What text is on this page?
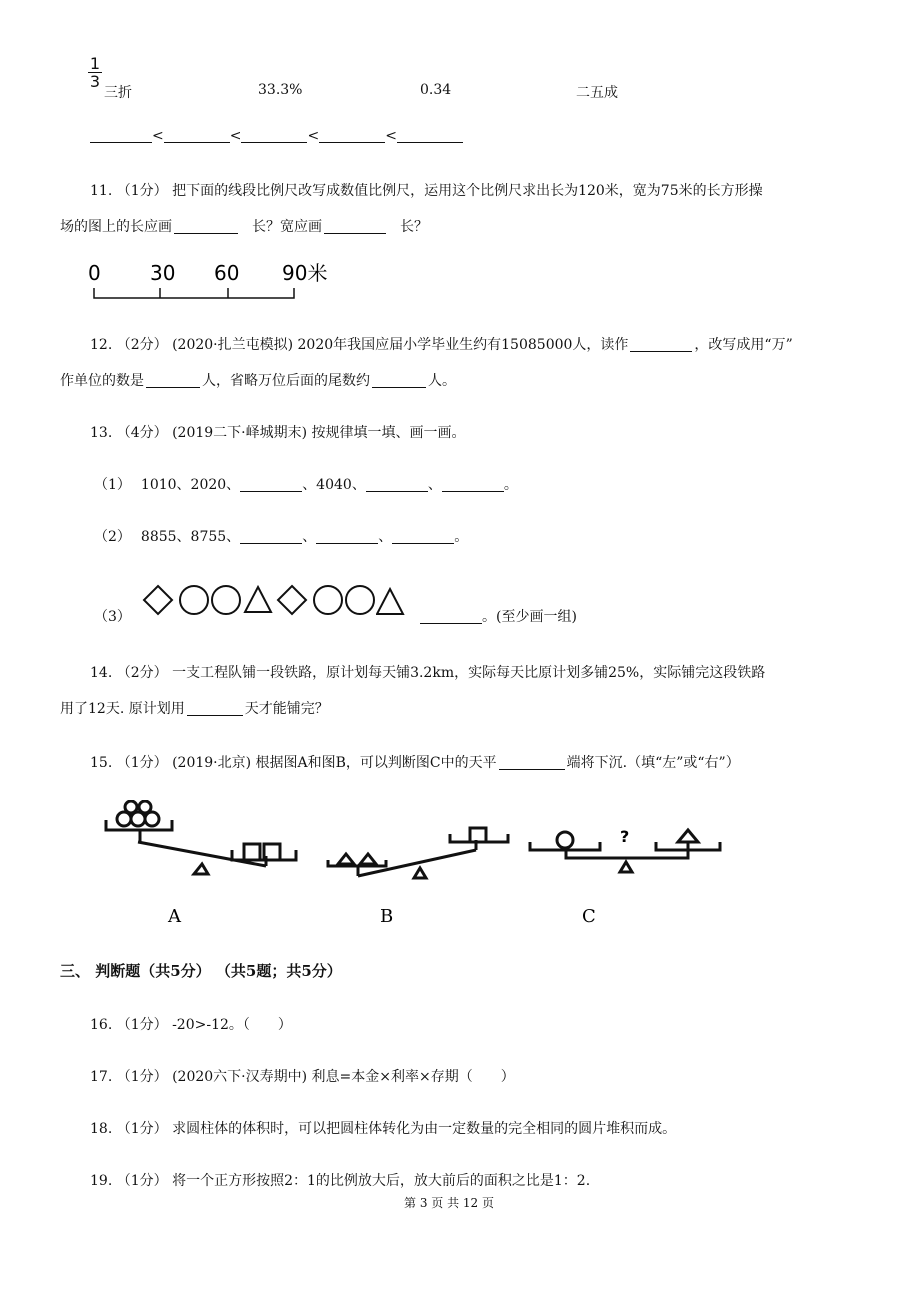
1
3
三折	33.3%	0.34	二五成
<	<	<	<
11. （1分） 把下面的线段比例尺改写成数值比例尺，运用这个比例尺求出长为120米，宽为75米的长方形操
场的图上的长应画	长？宽应画	长？
0 30 60 90米
12. （2分） (2020·扎兰屯模拟) 2020年我国应届小学毕业生约有15085000人，读作	，改写成用“万”
作单位的数是	人，省略万位后面的尾数约	人。
13. （4分） (2019二下·峄城期末) 按规律填一填、画一画。
（1） 1010、2020、	、4040、	、	。
（2） 8855、8755、	、	、	。
（3）	。(至少画一组)
14. （2分） 一支工程队铺一段铁路，原计划每天铺3.2km，实际每天比原计划多铺25%，实际铺完这段铁路
用了12天. 原计划用	天才能铺完？
15. （1分） (2019·北京) 根据图A和图B，可以判断图C中的天平	端将下沉.（填“左”或“右”）
?
A	B	C
三、 判断题（共5分） （共5题；共5分）
16. （1分） -20>-12。（　　）
17. （1分） (2020六下·汉寿期中) 利息=本金×利率×存期（　　）
18. （1分） 求圆柱体的体积时，可以把圆柱体转化为由一定数量的完全相同的圆片堆积而成。
19. （1分） 将一个正方形按照2：1的比例放大后，放大前后的面积之比是1：2.
第 3 页 共 12 页
